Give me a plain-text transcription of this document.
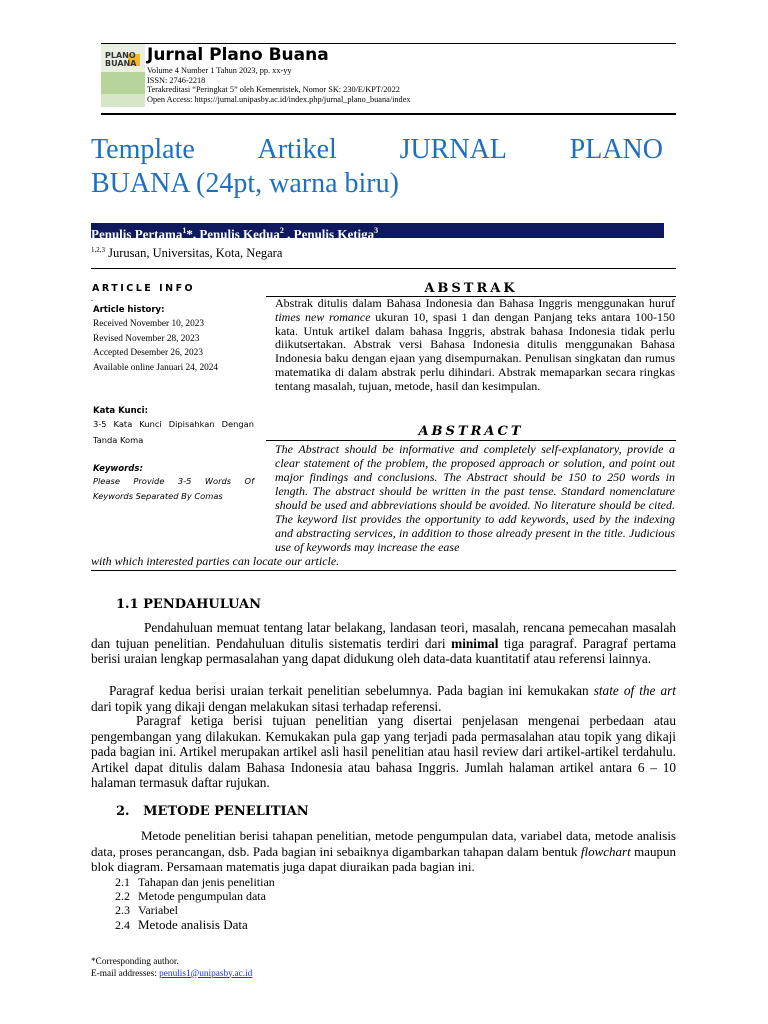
PLANO
BUANA Jurnal Plano Buana
Volume 4 Number 1 Tahun 2023, pp. xx-yy
ISSN: 2746-2218
Terakreditasi “Peringkat 5” oleh Kemenristek, Nomor SK: 230/E/KPT/2022
Open Access: https://jurnal.unipasby.ac.id/index.php/jurnal_plano_buana/index
Template Artikel JURNAL PLANO
BUANA (24pt, warna biru)
Penulis Pertama$^1$*, Penulis Kedua$^2$ , Penulis Ketiga$^3$
$^{1,2,3}$ Jurusan, Universitas, Kota, Negara
ARTICLE INFO
.
Article history:
Received November 10, 2023
Revised November 28, 2023
Accepted Desember 26, 2023
Available online Januari 24, 2024
Kata Kunci:
3-5 Kata Kunci Dipisahkan Dengan
Tanda Koma
Keywords:
Please Provide 3-5 Words Of
Keywords Separated By Comas
ABSTRAK
Abstrak ditulis dalam Bahasa Indonesia dan Bahasa Inggris menggunakan huruf times new romance ukuran 10, spasi 1 dan dengan Panjang teks antara 100-150 kata. Untuk artikel dalam bahasa Inggris, abstrak bahasa Indonesia tidak perlu diikutsertakan. Abstrak versi Bahasa Indonesia ditulis menggunakan Bahasa Indonesia baku dengan ejaan yang disempurnakan. Penulisan singkatan dan rumus matematika di dalam abstrak perlu dihindari. Abstrak memaparkan secara ringkas tentang masalah, tujuan, metode, hasil dan kesimpulan.
ABSTRACT
The Abstract should be informative and completely self-explanatory, provide a clear statement of the problem, the proposed approach or solution, and point out major findings and conclusions. The Abstract should be 150 to 250 words in length. The abstract should be written in the past tense. Standard nomenclature should be used and abbreviations should be avoided. No literature should be cited. The keyword list provides the opportunity to add keywords, used by the indexing and abstracting services, in addition to those already present in the title. Judicious use of keywords may increase the ease
with which interested parties can locate our article.
1.1 PENDAHULUAN
Pendahuluan memuat tentang latar belakang, landasan teori, masalah, rencana pemecahan masalah dan tujuan penelitian. Pendahuluan ditulis sistematis terdiri dari minimal tiga paragraf. Paragraf pertama berisi uraian lengkap permasalahan yang dapat didukung oleh data-data kuantitatif atau referensi lainnya.
Paragraf kedua berisi uraian terkait penelitian sebelumnya. Pada bagian ini kemukakan state of the art dari topik yang dikaji dengan melakukan sitasi terhadap referensi.
Paragraf ketiga berisi tujuan penelitian yang disertai penjelasan mengenai perbedaan atau pengembangan yang dilakukan. Kemukakan pula gap yang terjadi pada permasalahan atau topik yang dikaji pada bagian ini. Artikel merupakan artikel asli hasil penelitian atau hasil review dari artikel-artikel terdahulu. Artikel dapat ditulis dalam Bahasa Indonesia atau bahasa Inggris. Jumlah halaman artikel antara 6 – 10 halaman termasuk daftar rujukan.
2. METODE PENELITIAN
Metode penelitian berisi tahapan penelitian, metode pengumpulan data, variabel data, metode analisis data, proses perancangan, dsb. Pada bagian ini sebaiknya digambarkan tahapan dalam bentuk flowchart maupun blok diagram. Persamaan matematis juga dapat diuraikan pada bagian ini.
2.1 Tahapan dan jenis penelitian
2.2 Metode pengumpulan data
2.3 Variabel
2.4 Metode analisis Data
*Corresponding author.
E-mail addresses: penulis1@unipasby.ac.id
